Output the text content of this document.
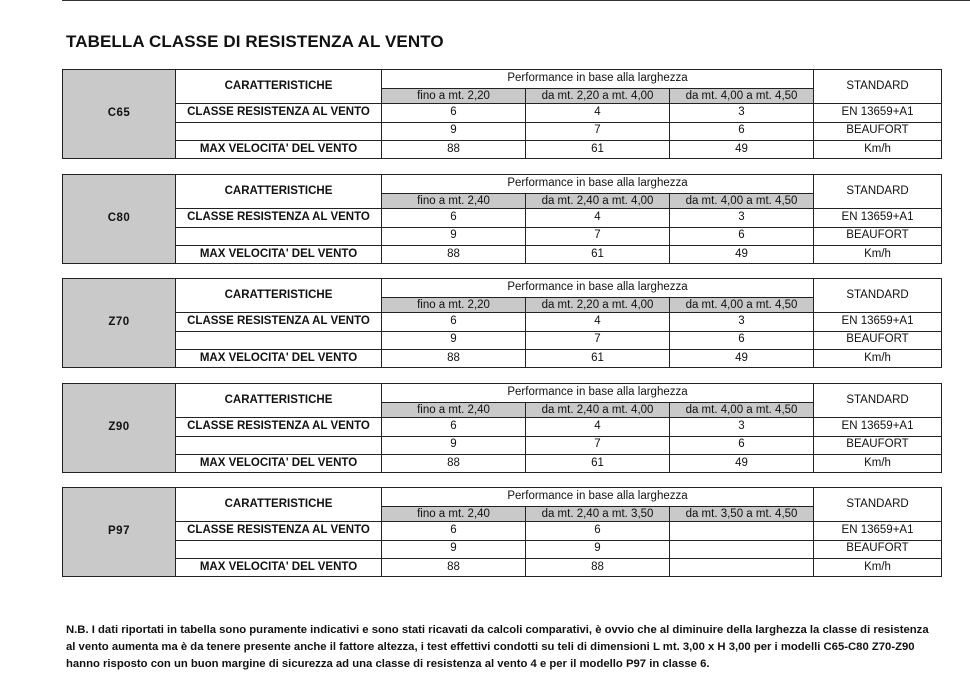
TABELLA CLASSE DI RESISTENZA AL VENTO
C65	CARATTERISTICHE	Performance in base alla larghezza			STANDARD
		fino a mt. 2,20	da mt. 2,20 a mt. 4,00	da mt. 4,00 a mt. 4,50	
	CLASSE RESISTENZA AL VENTO	6	4	3	EN 13659+A1
		9	7	6	BEAUFORT
	MAX VELOCITA' DEL VENTO	88	61	49	Km/h
C80	CARATTERISTICHE	Performance in base alla larghezza			STANDARD
		fino a mt. 2,40	da mt. 2,40 a mt. 4,00	da mt. 4,00 a mt. 4,50	
	CLASSE RESISTENZA AL VENTO	6	4	3	EN 13659+A1
		9	7	6	BEAUFORT
	MAX VELOCITA' DEL VENTO	88	61	49	Km/h
Z70	CARATTERISTICHE	Performance in base alla larghezza			STANDARD
		fino a mt. 2,20	da mt. 2,20 a mt. 4,00	da mt. 4,00 a mt. 4,50	
	CLASSE RESISTENZA AL VENTO	6	4	3	EN 13659+A1
		9	7	6	BEAUFORT
	MAX VELOCITA' DEL VENTO	88	61	49	Km/h
Z90	CARATTERISTICHE	Performance in base alla larghezza			STANDARD
		fino a mt. 2,40	da mt. 2,40 a mt. 4,00	da mt. 4,00 a mt. 4,50	
	CLASSE RESISTENZA AL VENTO	6	4	3	EN 13659+A1
		9	7	6	BEAUFORT
	MAX VELOCITA' DEL VENTO	88	61	49	Km/h
P97	CARATTERISTICHE	Performance in base alla larghezza			STANDARD
		fino a mt. 2,40	da mt. 2,40 a mt. 3,50	da mt. 3,50 a mt. 4,50	
	CLASSE RESISTENZA AL VENTO	6	6		EN 13659+A1
		9	9		BEAUFORT
	MAX VELOCITA' DEL VENTO	88	88		Km/h
N.B. I dati riportati in tabella sono puramente indicativi e sono stati ricavati da calcoli comparativi, è ovvio che al diminuire della larghezza la classe di resistenza al vento aumenta ma è da tenere presente anche il fattore altezza, i test effettivi condotti su teli di dimensioni L mt. 3,00 x H 3,00 per i modelli C65-C80 Z70-Z90 hanno risposto con un buon margine di sicurezza ad una classe di resistenza al vento 4 e per il modello P97 in classe 6.
